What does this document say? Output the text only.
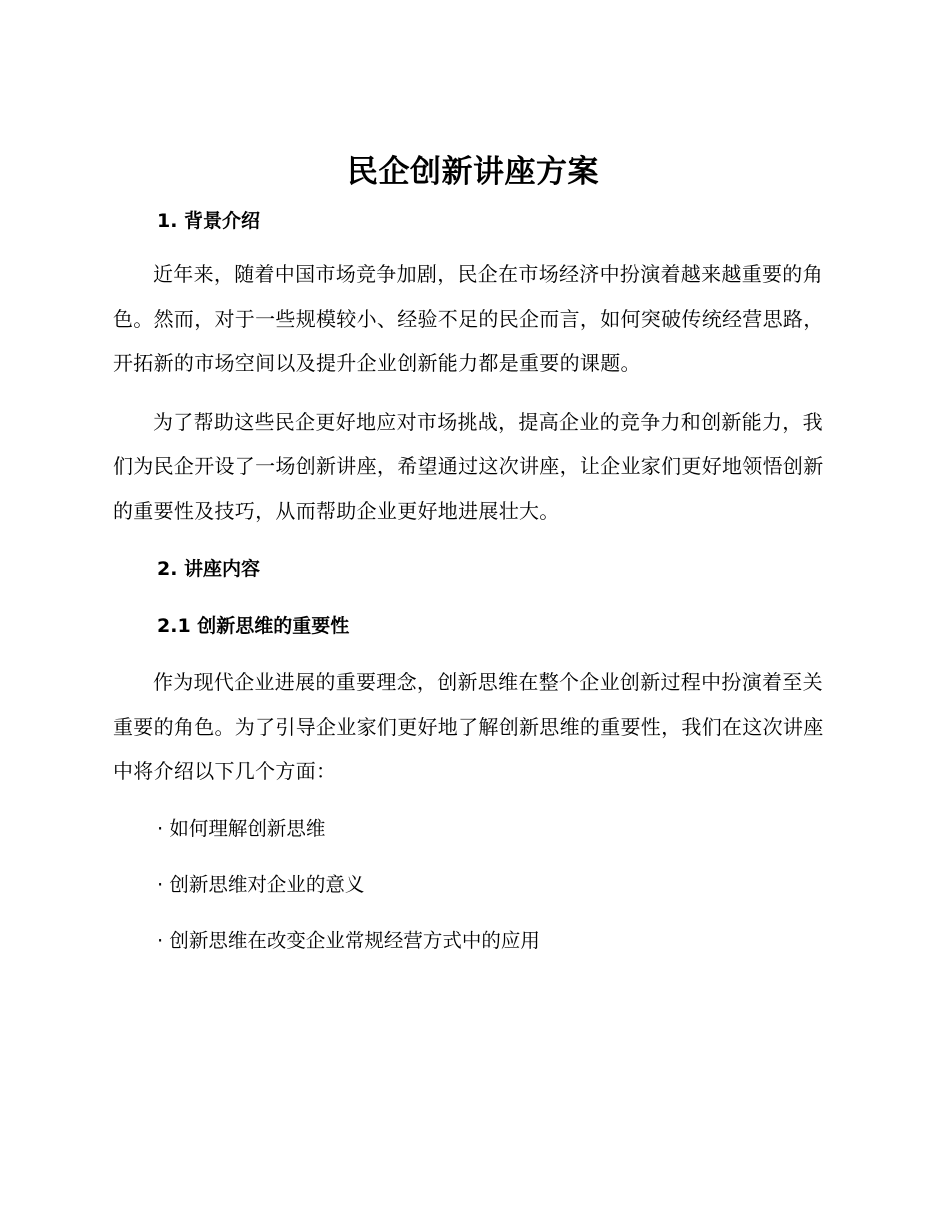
民企创新讲座方案
1. 背景介绍

近年来，随着中国市场竞争加剧，民企在市场经济中扮演着越来越重要的角色。然而，对于一些规模较小、经验不足的民企而言，如何突破传统经营思路，开拓新的市场空间以及提升企业创新能力都是重要的课题。

为了帮助这些民企更好地应对市场挑战，提高企业的竞争力和创新能力，我们为民企开设了一场创新讲座，希望通过这次讲座，让企业家们更好地领悟创新的重要性及技巧，从而帮助企业更好地进展壮大。

2. 讲座内容
2.1 创新思维的重要性

作为现代企业进展的重要理念，创新思维在整个企业创新过程中扮演着至关重要的角色。为了引导企业家们更好地了解创新思维的重要性，我们在这次讲座中将介绍以下几个方面：

· 如何理解创新思维

· 创新思维对企业的意义

· 创新思维在改变企业常规经营方式中的应用
